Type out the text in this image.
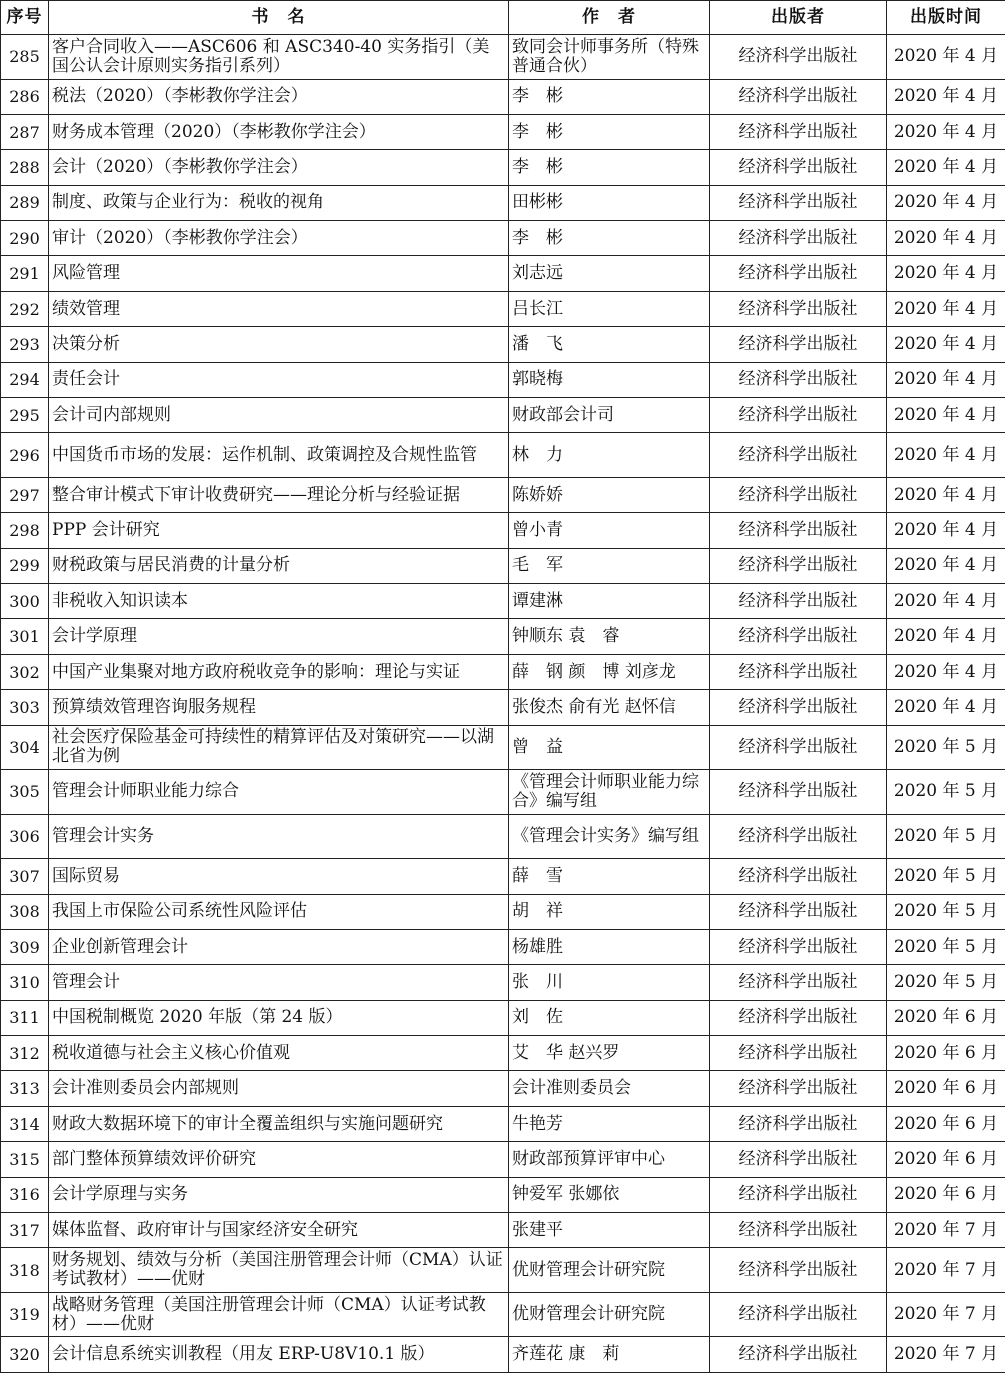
序号	书　名	作　者	出版者	出版时间
285	客户合同收入——ASC606 和 ASC340-40 实务指引（美国公认会计原则实务指引系列）	致同会计师事务所（特殊普通合伙）	经济科学出版社	2020 年 4 月
286	税法（2020）（李彬教你学注会）	李　彬	经济科学出版社	2020 年 4 月
287	财务成本管理（2020）（李彬教你学注会）	李　彬	经济科学出版社	2020 年 4 月
288	会计（2020）（李彬教你学注会）	李　彬	经济科学出版社	2020 年 4 月
289	制度、政策与企业行为：税收的视角	田彬彬	经济科学出版社	2020 年 4 月
290	审计（2020）（李彬教你学注会）	李　彬	经济科学出版社	2020 年 4 月
291	风险管理	刘志远	经济科学出版社	2020 年 4 月
292	绩效管理	吕长江	经济科学出版社	2020 年 4 月
293	决策分析	潘　飞	经济科学出版社	2020 年 4 月
294	责任会计	郭晓梅	经济科学出版社	2020 年 4 月
295	会计司内部规则	财政部会计司	经济科学出版社	2020 年 4 月
296	中国货币市场的发展：运作机制、政策调控及合规性监管	林　力	经济科学出版社	2020 年 4 月
297	整合审计模式下审计收费研究——理论分析与经验证据	陈娇娇	经济科学出版社	2020 年 4 月
298	PPP 会计研究	曾小青	经济科学出版社	2020 年 4 月
299	财税政策与居民消费的计量分析	毛　军	经济科学出版社	2020 年 4 月
300	非税收入知识读本	谭建淋	经济科学出版社	2020 年 4 月
301	会计学原理	钟顺东 袁　睿	经济科学出版社	2020 年 4 月
302	中国产业集聚对地方政府税收竞争的影响：理论与实证	薛　钢 颜　博 刘彦龙	经济科学出版社	2020 年 4 月
303	预算绩效管理咨询服务规程	张俊杰 俞有光 赵怀信	经济科学出版社	2020 年 4 月
304	社会医疗保险基金可持续性的精算评估及对策研究——以湖北省为例	曾　益	经济科学出版社	2020 年 5 月
305	管理会计师职业能力综合	《管理会计师职业能力综合》编写组	经济科学出版社	2020 年 5 月
306	管理会计实务	《管理会计实务》编写组	经济科学出版社	2020 年 5 月
307	国际贸易	薛　雪	经济科学出版社	2020 年 5 月
308	我国上市保险公司系统性风险评估	胡　祥	经济科学出版社	2020 年 5 月
309	企业创新管理会计	杨雄胜	经济科学出版社	2020 年 5 月
310	管理会计	张　川	经济科学出版社	2020 年 5 月
311	中国税制概览 2020 年版（第 24 版）	刘　佐	经济科学出版社	2020 年 6 月
312	税收道德与社会主义核心价值观	艾　华 赵兴罗	经济科学出版社	2020 年 6 月
313	会计准则委员会内部规则	会计准则委员会	经济科学出版社	2020 年 6 月
314	财政大数据环境下的审计全覆盖组织与实施问题研究	牛艳芳	经济科学出版社	2020 年 6 月
315	部门整体预算绩效评价研究	财政部预算评审中心	经济科学出版社	2020 年 6 月
316	会计学原理与实务	钟爱军 张娜依	经济科学出版社	2020 年 6 月
317	媒体监督、政府审计与国家经济安全研究	张建平	经济科学出版社	2020 年 7 月
318	财务规划、绩效与分析（美国注册管理会计师（CMA）认证考试教材）——优财	优财管理会计研究院	经济科学出版社	2020 年 7 月
319	战略财务管理（美国注册管理会计师（CMA）认证考试教材）——优财	优财管理会计研究院	经济科学出版社	2020 年 7 月
320	会计信息系统实训教程（用友 ERP-U8V10.1 版）	齐莲花 康　莉	经济科学出版社	2020 年 7 月
